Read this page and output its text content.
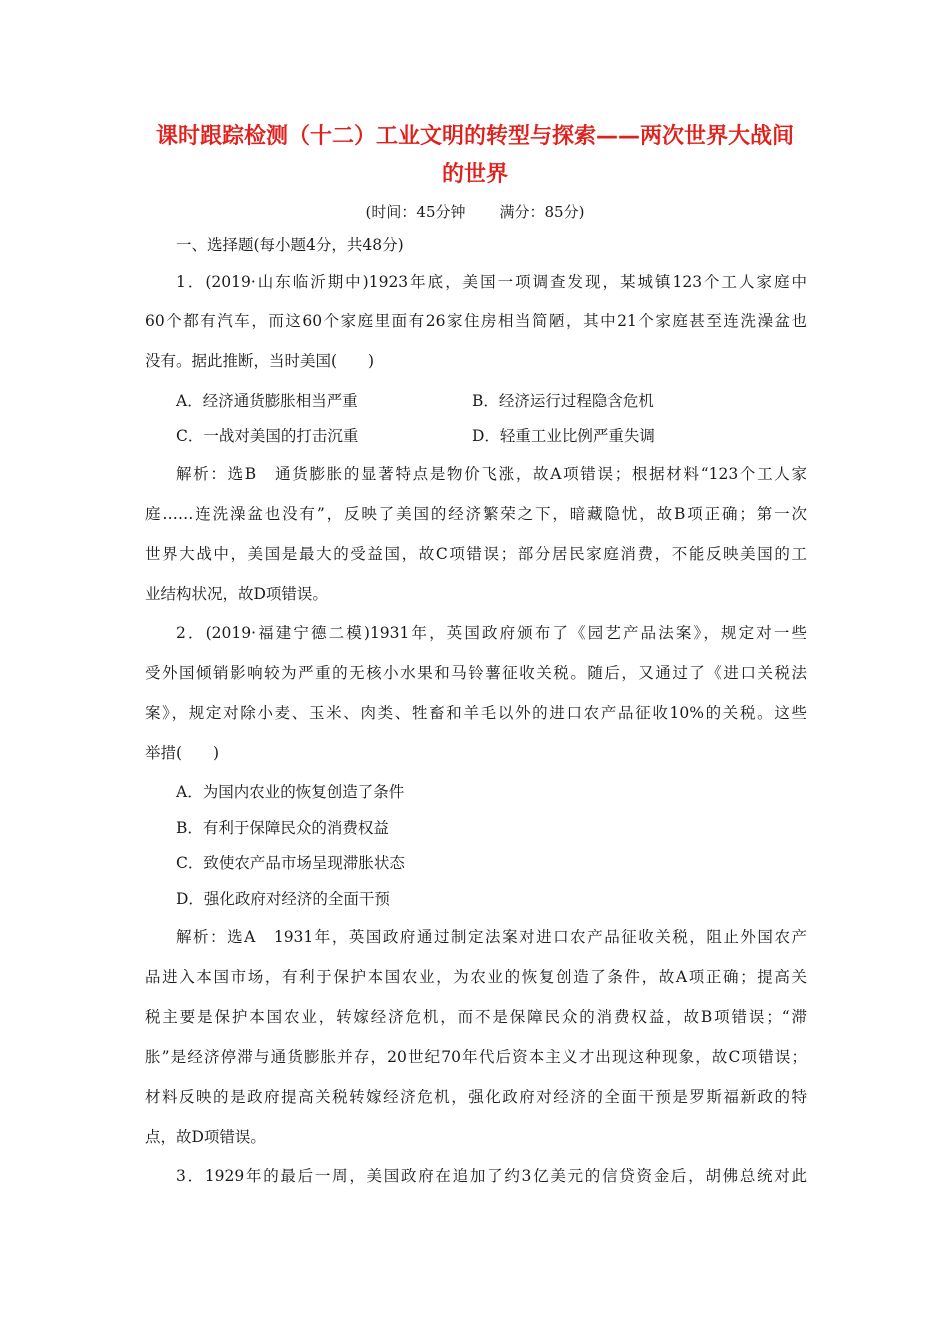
课时跟踪检测（十二）工业文明的转型与探索——两次世界大战间
的世界
(时间：45分钟 满分：85分)
一、选择题(每小题4分，共48分)
1．(2019·山东临沂期中)1923年底，美国一项调查发现，某城镇123个工人家庭中
60个都有汽车，而这60个家庭里面有26家住房相当简陋，其中21个家庭甚至连洗澡盆也
没有。据此推断，当时美国(　　)
A．经济通货膨胀相当严重	B．经济运行过程隐含危机
C．一战对美国的打击沉重	D．轻重工业比例严重失调
解析：选B　通货膨胀的显著特点是物价飞涨，故A项错误；根据材料“123个工人家
庭……连洗澡盆也没有”，反映了美国的经济繁荣之下，暗藏隐忧，故B项正确；第一次
世界大战中，美国是最大的受益国，故C项错误；部分居民家庭消费，不能反映美国的工
业结构状况，故D项错误。
2．(2019·福建宁德二模)1931年，英国政府颁布了《园艺产品法案》，规定对一些
受外国倾销影响较为严重的无核小水果和马铃薯征收关税。随后，又通过了《进口关税法
案》，规定对除小麦、玉米、肉类、牲畜和羊毛以外的进口农产品征收10%的关税。这些
举措(　　)
A．为国内农业的恢复创造了条件
B．有利于保障民众的消费权益
C．致使农产品市场呈现滞胀状态
D．强化政府对经济的全面干预
解析：选A　1931年，英国政府通过制定法案对进口农产品征收关税，阻止外国农产
品进入本国市场，有利于保护本国农业，为农业的恢复创造了条件，故A项正确；提高关
税主要是保护本国农业，转嫁经济危机，而不是保障民众的消费权益，故B项错误；“滞
胀”是经济停滞与通货膨胀并存，20世纪70年代后资本主义才出现这种现象，故C项错误；
材料反映的是政府提高关税转嫁经济危机，强化政府对经济的全面干预是罗斯福新政的特
点，故D项错误。
3．1929年的最后一周，美国政府在追加了约3亿美元的信贷资金后，胡佛总统对此
